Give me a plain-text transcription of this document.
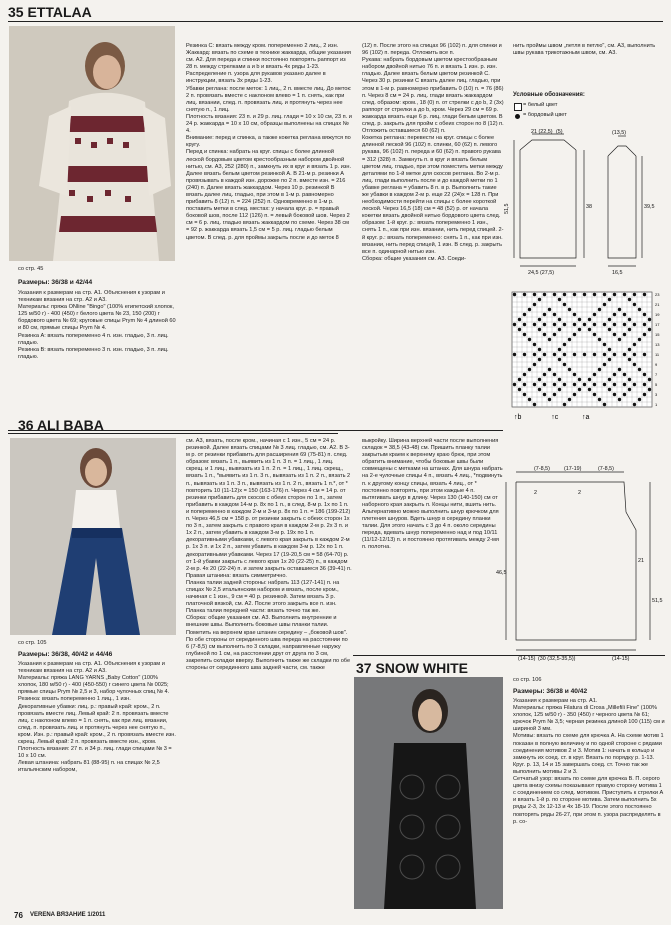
35 ETTALAA
со стр. 45
Размеры: 36/38 и 42/44

Указания к размерам на стр. А1. Объяснения к узорам и техникам вязания на стр. А2 и А3.
Материалы: пряжа ONline "Bingo" (100% египетский хлопок, 125 м/50 г) - 400 (450) г белого цвета № 23, 150 (200) г бордового цвета № 69; круговые спицы Prym № 4 длиной 60 и 80 см, прямые спицы Prym № 4.
Резинка А: вязать попеременно 4 п. изн. гладью, 3 п. лиц. гладью.
Резинка В: вязать попеременно 3 п. изн. гладью, 3 п. лиц. гладью.

Резинка С: вязать между кром. попеременно 2 лиц., 2 изн.
Жаккард: вязать по схеме в технике жаккарда, общие указания см. А2. Для переда и спинки постоянно повторять раппорт из 28 п. между стрелками a и b и вязать 4x ряды 1-23. Распределение п. узора для рукавов указано далее в инструкции, вязать 3x ряды 1-23.
Убавки реглана: после меток: 1 лиц., 2 п. вместе лиц. До меток: 2 п. провязать вместе с наклоном влево = 1 п. снять, как при лиц. вязании, след. п. провязать лиц. и протянуть через нее снятую п., 1 лиц.
Плотность вязания: 23 п. и 29 р. лиц. глади = 10 x 10 см, 23 п. и 24 р. жаккарда = 10 x 10 см, образцы выполнены на спицах № 4.
Внимание: перед и спинка, а также кокетка реглана вяжутся по кругу.
Перед и спинка: набрать на круг. спицы с более длинной леской бордовым цветом крестообразным набором двойной нитью, см. А3, 252 (280) п., замкнуть их в круг и вязать 1 р. изн. Далее вязать белым цветом резинкой А. В 21-м р. резинки А провязывать в каждой изн. дорожке по 2 п. вместе изн. = 216 (240) п. Далее вязать жаккардом. Через 10 р. резинкой В вязать далее лиц. гладью, при этом в 1-м р. равномерно прибавить 8 (12) п. = 224 (252) п. Одновременно в 1-м р. поставить метки в след. местах: у начала круг. р. = правый боковой шов, после 112 (126) п. = левый боковой шов. Через 2 см = 6 р. лиц. гладью вязать жаккардом по схеме. Через 38 см = 92 р. жаккарда вязать 1,5 см = 5 р. лиц. гладью белым цветом. В след. р. для проймы закрыть после и до меток 8

(12) п. После этого на спицах 96 (102) п. для спинки и 96 (102) п. переда. Отложить все п.
Рукава: набрать бордовым цветом крестообразным набором двойной нитью 76 п. и вязать 1 изн. р. изн. гладью. Далее вязать белым цветом резинкой С. Через 30 р. резинки С вязать далее лиц. гладью, при этом в 1-м р. равномерно прибавить 0 (10) п. = 76 (86) п. Через 8 см = 24 р. лиц. глади вязать жаккардом след. образом: кром., 18 (0) п. от стрелки c до b, 2 (3x) раппорт от стрелки a до b, кром. Через 29 см = 69 р. жаккарда вязать еще 6 р. лиц. глади белым цветом. В след. р. закрыть для пройм с обеих сторон по 8 (12) п. Отложить оставшиеся 60 (62) п.
Кокетка реглана: перевести на круг. спицы с более длинной леской 96 (102) п. спинки, 60 (62) п. левого рукава, 96 (102) п. переда и 60 (62) п. правого рукава = 312 (328) п. Замкнуть п. в круг и вязать белым цветом лиц. гладью, при этом поместить метки между деталями по 1-й метке для скосов реглана. Во 2-м р. лиц. глади выполнить после и до каждой метки по 1 убавке реглана = убавить 8 п. в р. Выполнить такие же убавки в каждом 2-м р. еще 22 (24)x = 128 п. При необходимости перейти на спицы с более короткой леской. Через 16,5 (18) см = 48 (52) р. от начала кокетки вязать двойной нитью бордового цвета след. образом: 1-й круг. р.: вязать попеременно 1 изн., снять 1 п., как при изн. вязании, нить перед спицей. 2-й круг. р.: вязать попеременно: снять 1 п., как при изн. вязании, нить перед спицей, 1 изн. В след. р. закрыть все п. одинарной нитью изн.
Сборка: общие указания см. А3. Соеди-

нить проймы швом „петля в петлю", см. А3, выполнить швы рукава трикотажным швом, см. А3.

Условные обозначения:
= белый цвет
= бордовый цвет
21 (22,5) (5)
51,5	38
24,5 (27,5)
(13,5)
39,5
16,5
23
21
19
17
15
13
11
9
7
5
3
1
↑b	↑c	↑a
36 ALI BABA
со стр. 105
Размеры: 36/38, 40/42 и 44/46

Указания к размерам на стр. А1. Объяснения к узорам и техникам вязания на стр. А2 и А3.
Материалы: пряжа LANG YARNS „Baby Cotton" (100% хлопок, 180 м/50 г) - 400 (450-550) г синего цвета № 0025; прямые спицы Prym № 2,5 и 3, набор чулочных спиц № 4.
Резинка: вязать попеременно 1 лиц., 1 изн.
Декоративные убавки: лиц. р.: правый край: кром., 2 п. провязать вместе лиц. Левый край: 2 п. провязать вместе лиц. с наклоном влево = 1 п. снять, как при лиц. вязании, след. п. провязать лиц. и протянуть через нее снятую п., кром. Изн. р.: правый край: кром., 2 п. провязать вместе изн. скрещ. Левый край: 2 п. провязать вместе изн., кром.
Плотность вязания: 27 п. и 34 р. лиц. глади спицами № 3 = 10 x 10 см.
Левая штанина: набрать 81 (88-95) п. на спицах № 2,5 итальянским набором,

см. А3, вязать, после кром., начиная с 1 изн., 5 см = 24 р. резинкой. Далее вязать спицами № 3 лиц. гладью, см. А2. В 3-м р. от резинки прибавить для расширения 69 (75-81) п. след. образом: вязать 1 п., выявить из 1 п. 3 п. = 1 лиц., 1 лиц. скрещ. и 1 лиц., вывязать из 1 п. 2 п. = 1 лиц., 1 лиц. скрещ., вязать 1 п., *выявить из 1 п. 3 п., вывязать из 1 п. 2 п., вязать 2 п., вывязать из 1 п. 3 п., вывязать из 1 п. 2 п., вязать 1 п.*, от * повторить 10 (11-12)x = 150 (163-176) п. Через 4 см = 14 р. от резинки прибавить для скосов с обеих сторон по 1 п., затем прибавить в каждом 14-м р. 8x по 1 п., в след. 8-м р. 1x по 1 п. и попеременно в каждом 2-м и 3-м р. 8x по 1 п. = 186 (199-212) п. Через 46,5 см = 158 р. от резинки закрыть с обеих сторон 1x по 3 п., затем закрыть с правого края в каждом 2-м р. 2x 3 п. и 1x 2 п., затем убавить в каждом 3-м р. 19x по 1 п. декоративными убавками, с левого края закрыть в каждом 2-м р. 1x 3 п. и 1x 2 п., затем убавить в каждом 3-м р. 12x по 1 п. декоративными убавками. Через 17 (19-20,5 см = 58 (64-70) р. от 1-й убавки закрыть с левого края 1x 20 (22-25) п., в каждом 2-м р. 4x 20 (22-24) п. и затем закрыть оставшиеся 36 (39-41) п.
Правая штанина: вязать симметрично.
Планка талии задней стороны: набрать 113 (127-141) п. на спицах № 2,5 итальянским набором и вязать, после кром., начиная с 1 изн., 9 см = 40 р. резинкой. Затем вязать 3 р. платочной вязкой, см. А2. После этого закрыть все п. изн.
Планка талии передней части: вязать точно так же.
Сборка: общие указания см. А3. Выполнить внутренние и внешние швы. Выполнить боковые швы планки талии. Пометить на верхнем крае штанин середину – „боковой шов". По обе стороны от серединного шва переда на расстоянии по 6 (7-8,5) см выполнить по 3 складки, направленные наружу глубиной по 1 см, на расстоянии друг от друга по 3 см, закрепить складки вверху. Выполнить также же складки по обе стороны от серединного шва задней части, см. также

выкройку. Ширина верхней части после выполнения складок = 38,5 (43-48) см. Пришить планку талии закрытым краем к верхнему краю брюк, при этом обратить внимание, чтобы боковые швы были совмещены с метками на штанах. Для шнура набрать на 2-е чулочные спицы 4 п., вязать 4 лиц., *подвинуть п. к другому концу спицы, вязать 4 лиц., от * постоянно повторять, при этом каждые 4 п. вытягивать шнур в длину. Через 130 (140-150) см от наборного края закрыть п. Концы нити, вшить нить. Альтернативно можно выполнить шнур крючком для плетения шнуров. Вдеть шнур в середину планки талии. Для этого начать с 3 до 4 п. около середины переда, вдевать шнур попеременно над и под 10/11 (11/12-12/13) п. и постоянно протягивать между 2-мя п. полотна.

(7-8,5)	(17-19)	(7-8,5)
2	2
21
46,5
51,5
(30 (32,5-35,5))
(14-15)	(14-15)
37 SNOW WHITE
со стр. 106
Размеры: 36/38 и 40/42

Указания к размерам на стр. А1.
Материалы: пряжа Filatura di Crosa „Millefili Fine" (100% хлопок, 125 м/50 г) - 350 (450) г черного цвета № 61; крючок Prym № 3,5; черная резинка длиной 100 (115) см и шириной 3 мм.
Мотивы: вязать по схеме для крючка А. На схеме мотив 1 показан в полную величину и по одной стороне с рядами соединения мотивов 2 и 3. Мотив 1: начать в кольцо и замкнуть их соед. ст. в круг. Вязать по порядку р. 1-13. Круг. р. 13, 14 и 15 завершать соед. ст. Точно так же выполнить мотивы 2 и 3.
Сетчатый узор: вязать по схеме для крючка В. П. серого цвета внизу схемы показывают правую сторону мотива 1 с соединением со след. мотивом. Приступить к стрелки A и вязать 1-й р. по стороне мотива. Затем выполнить 5x ряды 2-3, 3x 12-13 и 4x 18-19. После этого постоянно повторять ряды 26-27, при этом п. узора распределять в р. со-

76 VERENA ВЯЗАНИЕ 1/2011
